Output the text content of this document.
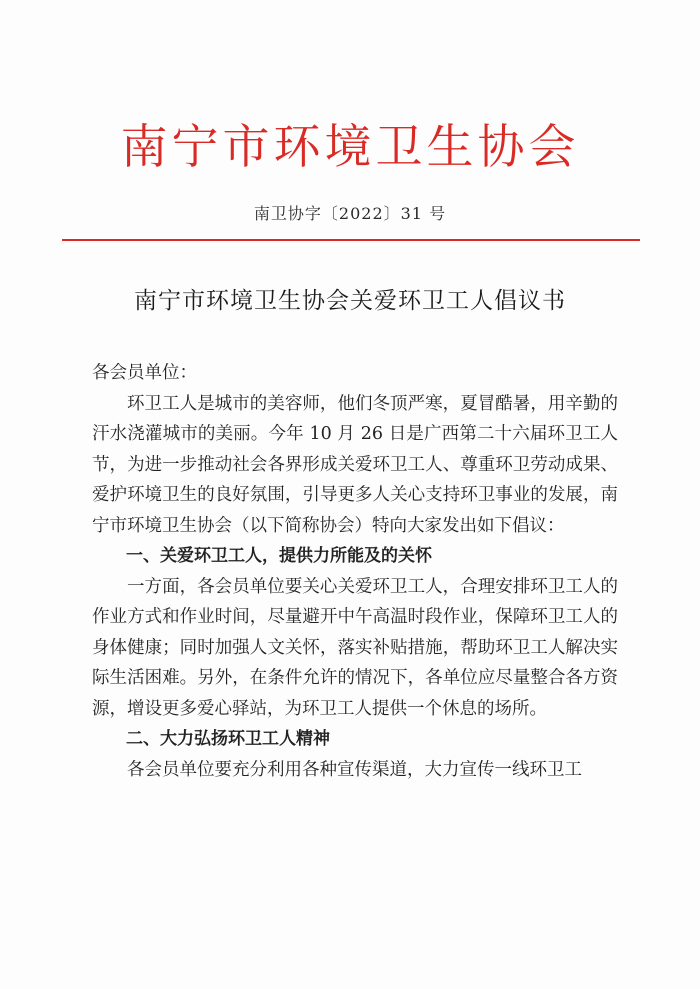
南宁市环境卫生协会
南卫协字〔2022〕31 号
南宁市环境卫生协会关爱环卫工人倡议书

各会员单位：

环卫工人是城市的美容师，他们冬顶严寒，夏冒酷暑，用辛勤的汗水浇灌城市的美丽。今年 10 月 26 日是广西第二十六届环卫工人节，为进一步推动社会各界形成关爱环卫工人、尊重环卫劳动成果、爱护环境卫生的良好氛围，引导更多人关心支持环卫事业的发展，南宁市环境卫生协会（以下简称协会）特向大家发出如下倡议：

一、关爱环卫工人，提供力所能及的关怀

一方面，各会员单位要关心关爱环卫工人，合理安排环卫工人的作业方式和作业时间，尽量避开中午高温时段作业，保障环卫工人的身体健康；同时加强人文关怀，落实补贴措施，帮助环卫工人解决实际生活困难。另外，在条件允许的情况下，各单位应尽量整合各方资源，增设更多爱心驿站，为环卫工人提供一个休息的场所。

二、大力弘扬环卫工人精神

各会员单位要充分利用各种宣传渠道，大力宣传一线环卫工
